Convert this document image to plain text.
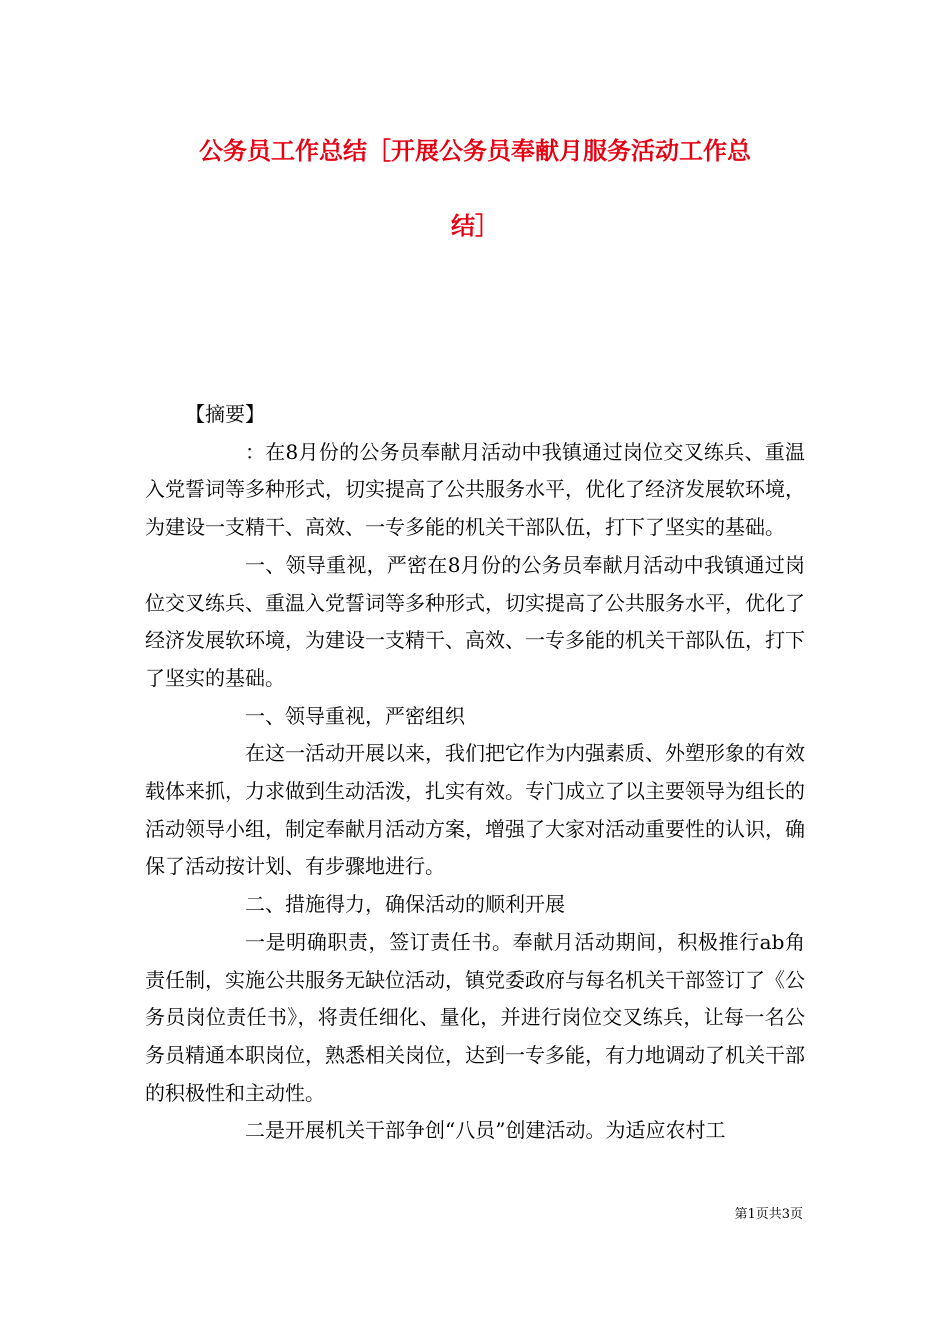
公务员工作总结［开展公务员奉献月服务活动工作总
结］

【摘要】

：在8月份的公务员奉献月活动中我镇通过岗位交叉练兵、重温入党誓词等多种形式，切实提高了公共服务水平，优化了经济发展软环境，为建设一支精干、高效、一专多能的机关干部队伍，打下了坚实的基础。

一、领导重视，严密在8月份的公务员奉献月活动中我镇通过岗位交叉练兵、重温入党誓词等多种形式，切实提高了公共服务水平，优化了经济发展软环境，为建设一支精干、高效、一专多能的机关干部队伍，打下了坚实的基础。

一、领导重视，严密组织

在这一活动开展以来，我们把它作为内强素质、外塑形象的有效载体来抓，力求做到生动活泼，扎实有效。专门成立了以主要领导为组长的活动领导小组，制定奉献月活动方案，增强了大家对活动重要性的认识，确保了活动按计划、有步骤地进行。

二、措施得力，确保活动的顺利开展

一是明确职责，签订责任书。奉献月活动期间，积极推行ab角责任制，实施公共服务无缺位活动，镇党委政府与每名机关干部签订了《公务员岗位责任书》，将责任细化、量化，并进行岗位交叉练兵，让每一名公务员精通本职岗位，熟悉相关岗位，达到一专多能，有力地调动了机关干部的积极性和主动性。

二是开展机关干部争创“八员”创建活动。为适应农村工

第1页共3页
